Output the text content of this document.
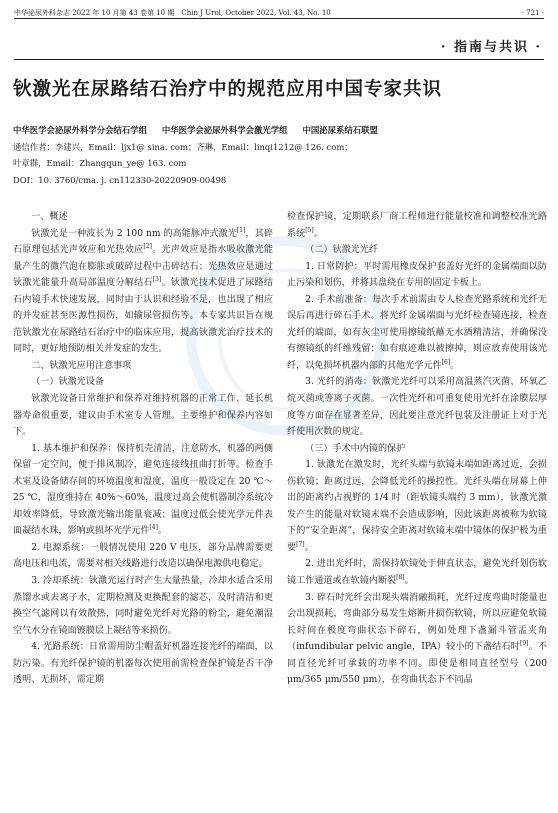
中华泌尿外科杂志 2022 年 10 月第 43 卷第 10 期　Chin J Urol, October 2022, Vol. 43, No. 10	· 721 ·
· 指南与共识 ·
钬激光在尿路结石治疗中的规范应用中国专家共识
中华医学会泌尿外科学分会结石学组 中华医学会泌尿外科学会激光学组 中国泌尿系结石联盟
通信作者：李建兴，Email：ljx1@ sina. com；齐琳，Email：linqi1212@ 126. com；
叶章群，Email：Zhangqun_ye@ 163. com
DOI：10. 3760/cma. j. cn112330-20220909-00498
一、概述

钬激光是一种波长为 2 100 nm 的高能脉冲式激光[1]，其碎石原理包括光声效应和光热效应[2]。光声效应是指水吸收激光能量产生的微汽泡在膨胀或破碎过程中击碎结石；光热效应是通过钬激光能量升高局部温度分解结石[3]。钬激光技术促进了尿路结石内镜手术快速发展，同时由于认识和经验不足，也出现了相应的并发症甚至医源性损伤，如输尿管损伤等。本专家共识旨在规范钬激光在尿路结石治疗中的临床应用，提高钬激光治疗技术的同时，更好地预防相关并发症的发生。

二、钬激光应用注意事项
（一）钬激光设备

钬激光设备日常维护和保养对维持机器的正常工作、延长机器寿命很重要，建议由手术室专人管理。主要维护和保养内容如下。

1. 基本维护和保养：保持机壳清洁，注意防水，机器的两侧保留一定空间，便于排风制冷，避免连接线扭曲打折等。检查手术室及设备储存间的环境温度和湿度，温度一般设定在 20 ℃～25 ℃，湿度维持在 40%～60%，温度过高会使机器制冷系统冷却效率降低，导致激光输出能量衰减；温度过低会使光学元件表面凝结水珠，影响或损坏光学元件[4]。

2. 电源系统：一般情况使用 220 V 电压，部分品牌需要更高电压和电流，需要对相关线路进行改造以确保电源供电稳定。

3. 冷却系统：钬激光运行时产生大量热量，冷却水适合采用蒸馏水或去离子水，定期检测及更换配套的滤芯，及时清洁和更换空气滤网以有效散热，同时避免光纤对光路的粉尘，避免潮湿空气水分在镜面镀膜层上凝结等来损伤。

4. 光路系统：日常需用防尘帽盖好机器连接光纤的端面，以防污染。有光纤保护镜的机器每次使用前需检查保护镜是否干净透明、无损坏，需定期

检查保护镜，定期联系厂商工程师进行能量校准和调整校准光路系统[5]。

（二）钬激光光纤

1. 日常防护：平时需用橡皮保护套盖好光纤的金属端面以防止污染和划伤，并将其盘绕在专用的固定卡板上。

2. 手术前准备：每次手术前需由专人检查光路系统和光纤无误后再进行碎石手术。将光纤金属端面与光纤检查镜连接，检查光纤的端面，如有灰尘可使用擦镜纸蘸无水酒精清洁，并确保没有擦镜纸的纤维残留；如有痕迹难以被擦掉，则应放弃使用该光纤，以免损坏机器内部的其他光学元件[6]。

3. 光纤的消毒：钬激光光纤可以采用高温蒸汽灭菌、环氧乙烷灭菌或等离子灭菌。一次性光纤和可重复使用光纤在涂膜层厚度等方面存在显著差异，因此要注意光纤包装及注册证上对于光纤使用次数的规定。

（三）手术中内镜的保护

1. 钬激光在激发时，光纤头端与软镜末端如距离过近，会损伤软镜；距离过远，会降低光纤的操控性。光纤头端在屏幕上伸出的距离约占视野的 1/4 时（距软镜头端约 3 mm），钬激光激发产生的能量对软镜末端不会造成影响，因此该距离被称为软镜下的“安全距离”，保持安全距离对软镜末端中镜体的保护极为重要[7]。

2. 进出光纤时，需保持软镜处于伸直状态，避免光纤划伤软镜工作通道或在软镜内断裂[8]。

3. 碎石时光纤会出现头端消融损耗，光纤过度弯曲时能量也会出现损耗，弯曲部分易发生熔断并损伤软镜，所以应避免软镜长时间在极度弯曲状态下碎石，例如处理下盏漏斗管盂夹角（infundibular pelvic angle，IPA）较小的下盏结石时[9]。不同直径光纤可承载的功率不同。即使是相同直径型号（200 μm/365 μm/550 μm），在弯曲状态下不同品
